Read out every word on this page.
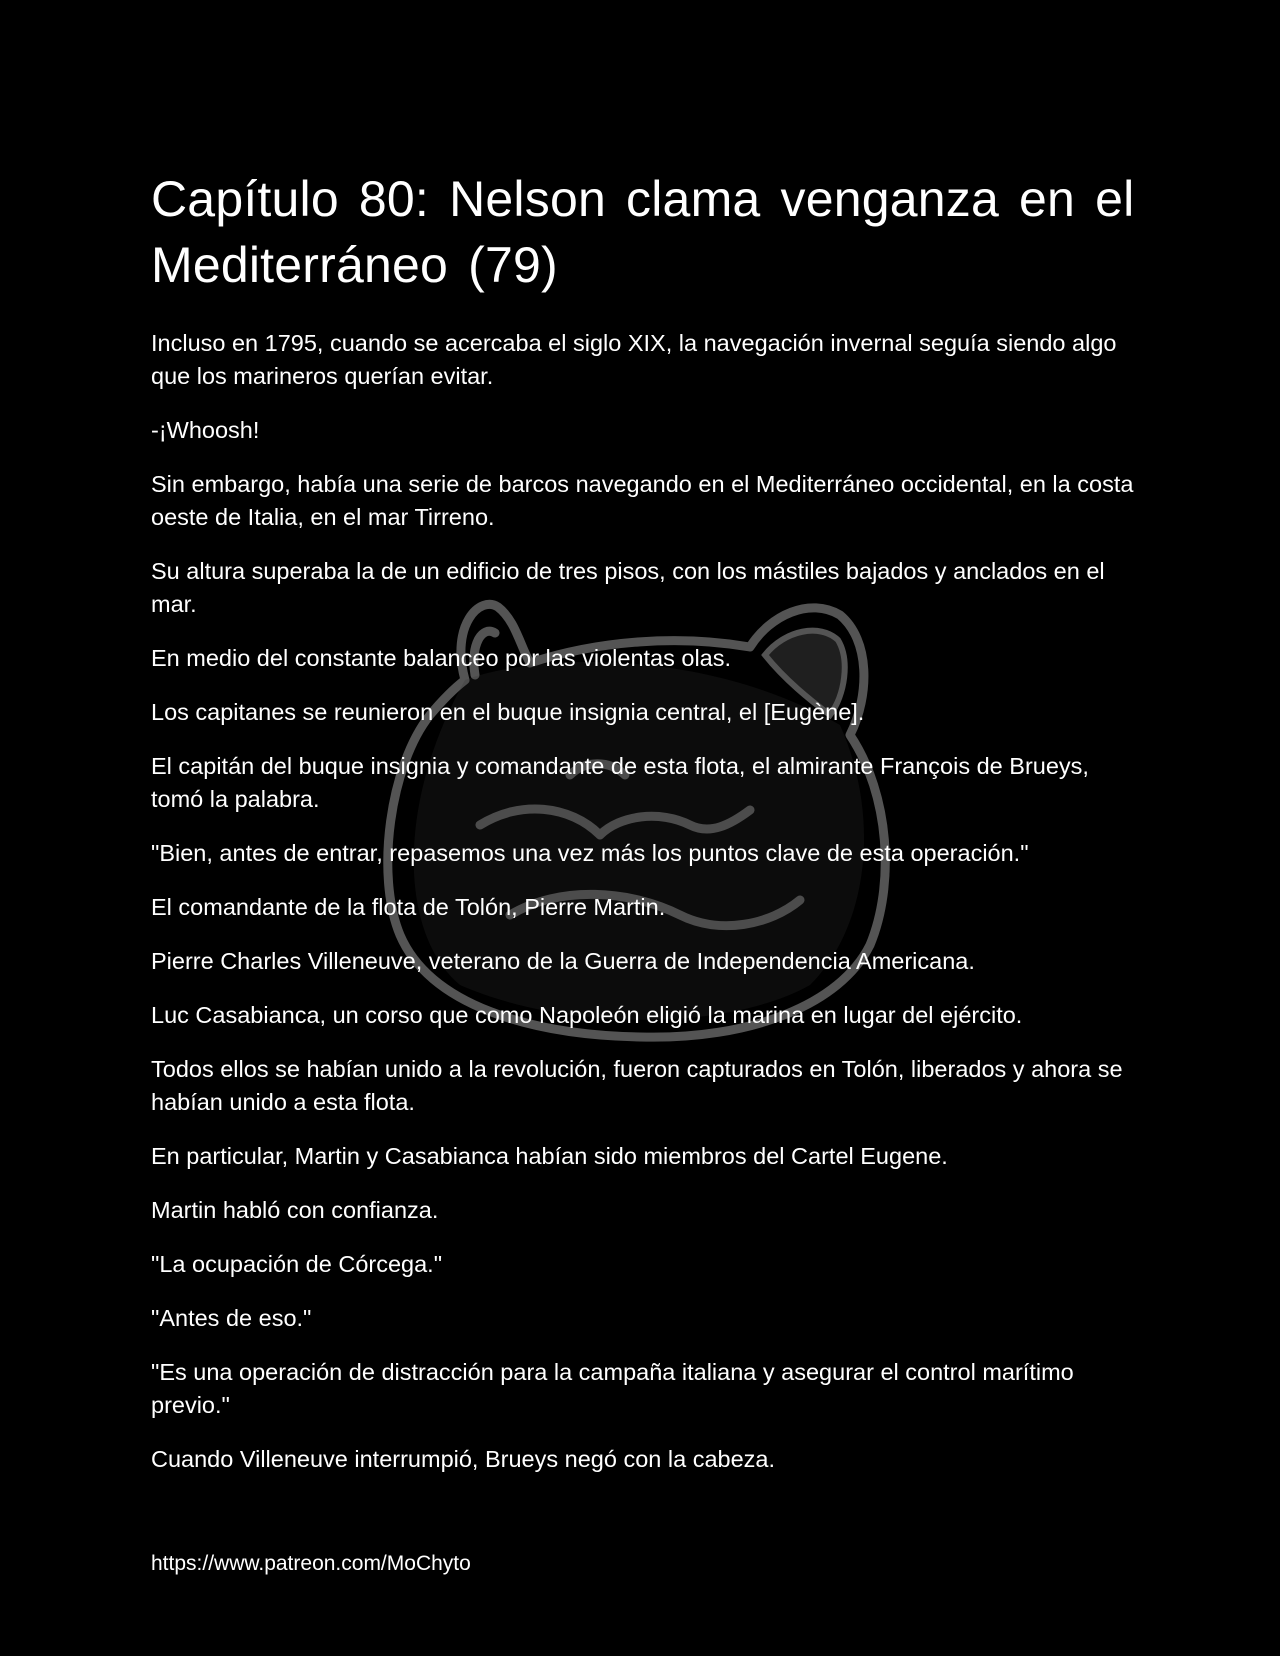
Capítulo 80: Nelson clama venganza en el Mediterráneo (79)

Incluso en 1795, cuando se acercaba el siglo XIX, la navegación invernal seguía siendo algo que los marineros querían evitar.

-¡Whoosh!

Sin embargo, había una serie de barcos navegando en el Mediterráneo occidental, en la costa oeste de Italia, en el mar Tirreno.

Su altura superaba la de un edificio de tres pisos, con los mástiles bajados y anclados en el mar.

En medio del constante balanceo por las violentas olas.

Los capitanes se reunieron en el buque insignia central, el [Eugène].

El capitán del buque insignia y comandante de esta flota, el almirante François de Brueys, tomó la palabra.

"Bien, antes de entrar, repasemos una vez más los puntos clave de esta operación."

El comandante de la flota de Tolón, Pierre Martin.

Pierre Charles Villeneuve, veterano de la Guerra de Independencia Americana.

Luc Casabianca, un corso que como Napoleón eligió la marina en lugar del ejército.

Todos ellos se habían unido a la revolución, fueron capturados en Tolón, liberados y ahora se habían unido a esta flota.

En particular, Martin y Casabianca habían sido miembros del Cartel Eugene.

Martin habló con confianza.

"La ocupación de Córcega."

"Antes de eso."

"Es una operación de distracción para la campaña italiana y asegurar el control marítimo previo."

Cuando Villeneuve interrumpió, Brueys negó con la cabeza.

https://www.patreon.com/MoChyto
